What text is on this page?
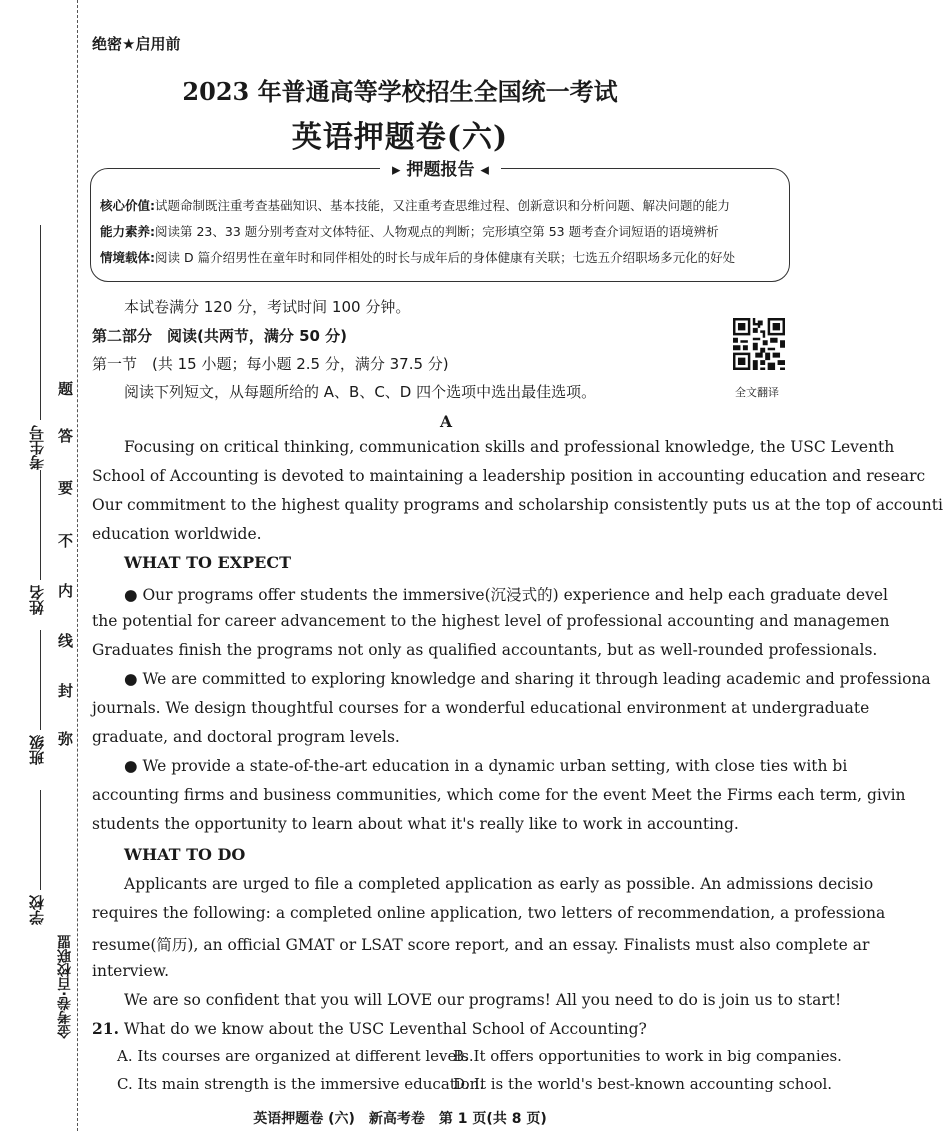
考生号
姓名
班级
学校
题
答
要
不
内
线
封
弥
金考卷·百校联盟
绝密★启用前
2023 年普通高等学校招生全国统一考试
英语押题卷(六)
▸ 押题报告 ◂
核心价值:试题命制既注重考查基础知识、基本技能，又注重考查思维过程、创新意识和分析问题、解决问题的能力
能力素养:阅读第 23、33 题分别考查对文体特征、人物观点的判断；完形填空第 53 题考查介词短语的语境辨析
情境载体:阅读 D 篇介绍男性在童年时和同伴相处的时长与成年后的身体健康有关联；七选五介绍职场多元化的好处
本试卷满分 120 分，考试时间 100 分钟。
第二部分　阅读(共两节，满分 50 分)
第一节　(共 15 小题；每小题 2.5 分，满分 37.5 分)
阅读下列短文，从每题所给的 A、B、C、D 四个选项中选出最佳选项。	全文翻译
A
Focusing on critical thinking, communication skills and professional knowledge, the USC Leventh
School of Accounting is devoted to maintaining a leadership position in accounting education and researc
Our commitment to the highest quality programs and scholarship consistently puts us at the top of accounti
education worldwide.
WHAT TO EXPECT
● Our programs offer students the immersive(沉浸式的) experience and help each graduate devel
the potential for career advancement to the highest level of professional accounting and managemen
Graduates finish the programs not only as qualified accountants, but as well-rounded professionals.
● We are committed to exploring knowledge and sharing it through leading academic and professiona
journals. We design thoughtful courses for a wonderful educational environment at undergraduate
graduate, and doctoral program levels.
● We provide a state-of-the-art education in a dynamic urban setting, with close ties with bi
accounting firms and business communities, which come for the event Meet the Firms each term, givin
students the opportunity to learn about what it's really like to work in accounting.
WHAT TO DO
Applicants are urged to file a completed application as early as possible. An admissions decisio
requires the following: a completed online application, two letters of recommendation, a professiona
resume(简历), an official GMAT or LSAT score report, and an essay. Finalists must also complete ar
interview.
We are so confident that you will LOVE our programs! All you need to do is join us to start!
21. What do we know about the USC Leventhal School of Accounting?
A. Its courses are organized at different levels.
B. It offers opportunities to work in big companies.
C. Its main strength is the immersive education.
D. It is the world's best-known accounting school.
英语押题卷 (六)　新高考卷　第 1 页(共 8 页)
